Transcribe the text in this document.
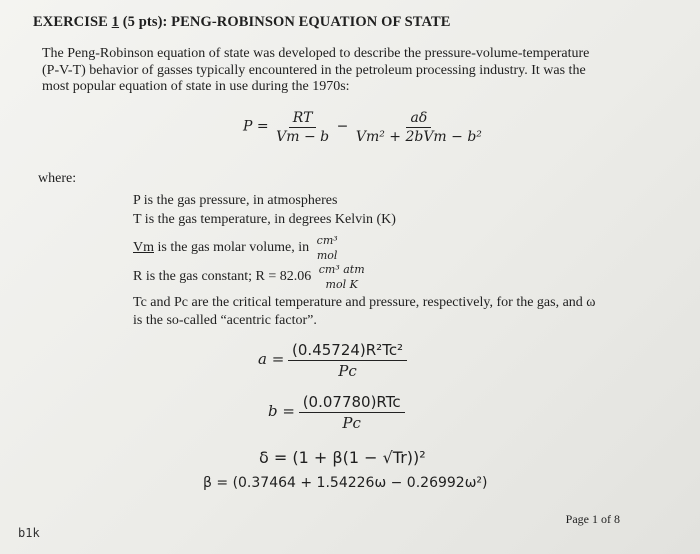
EXERCISE 1 (5 pts): PENG-ROBINSON EQUATION OF STATE
The Peng-Robinson equation of state was developed to describe the pressure-volume-temperature (P-V-T) behavior of gasses typically encountered in the petroleum processing industry. It was the most popular equation of state in use during the 1970s:
$P = \frac{RT}{Vm - b} - \frac{a\delta}{\text{Vm² + 2bVm − b²}}$
where:
P is the gas pressure, in atmospheres
T is the gas temperature, in degrees Kelvin (K)
Vm is the gas molar volume, in cm³
mol
R is the gas constant; R = 82.06 cm³ atm
mol K
Tc and Pc are the critical temperature and pressure, respectively, for the gas, and ω
is the so-called “acentric factor”.
$a = \frac{\text{(0.45724)R²Tc²}}{Pc}$
$b = \frac{\text{(0.07780)RTc}}{Pc}$
δ = (1 + β(1 − √Tr))²
β = (0.37464 + 1.54226ω − 0.26992ω²)
Page 1 of 8
b1k
